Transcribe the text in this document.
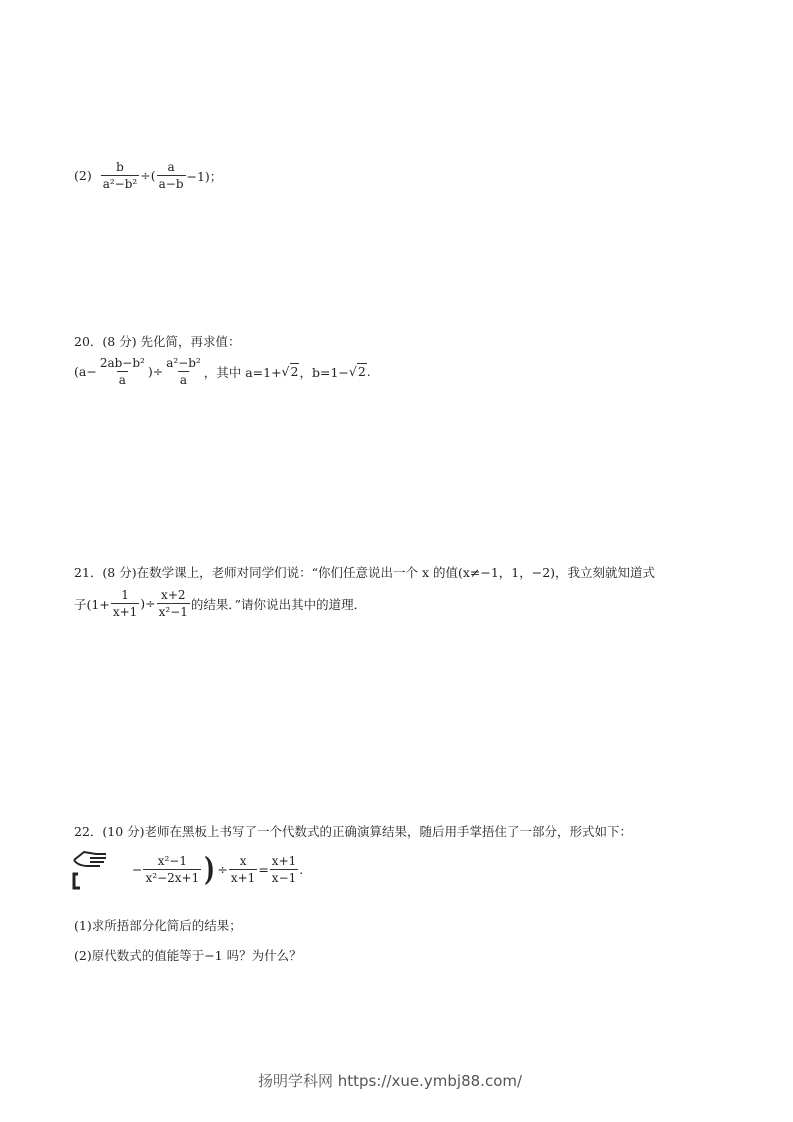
$(2) \frac{b}{\text{a²−b²}}$ ÷ ( $\frac{a}{a-b} -1$)；
20．(8 分) 先化简，再求值：
($a- \frac{\text{2ab−b²}}{a}$ )÷ $\frac{\text{a²−b²}}{a}$ ，其中 a=1+ √2 ，b=1− √2 .
21．(8 分)在数学课上，老师对同学们说：“你们任意说出一个 x 的值(x≠−1，1，−2)，我立刻就知道式
子($1+ \frac{1}{x+1}$ )÷ $\frac{x+2}{\text{x²−1}}$ 的结果．”请你说出其中的道理．
22．(10 分)老师在黑板上书写了一个代数式的正确演算结果，随后用手掌捂住了一部分，形式如下：
− $\frac{\text{x²−1}}{\text{x²−2x+1}}$ ) ÷ $\frac{x}{x+1} = \frac{x+1}{x-1}$ .
(1)求所捂部分化简后的结果；
(2)原代数式的值能等于−1 吗？为什么？
扬明学科网 https://xue.ymbj88.com/
